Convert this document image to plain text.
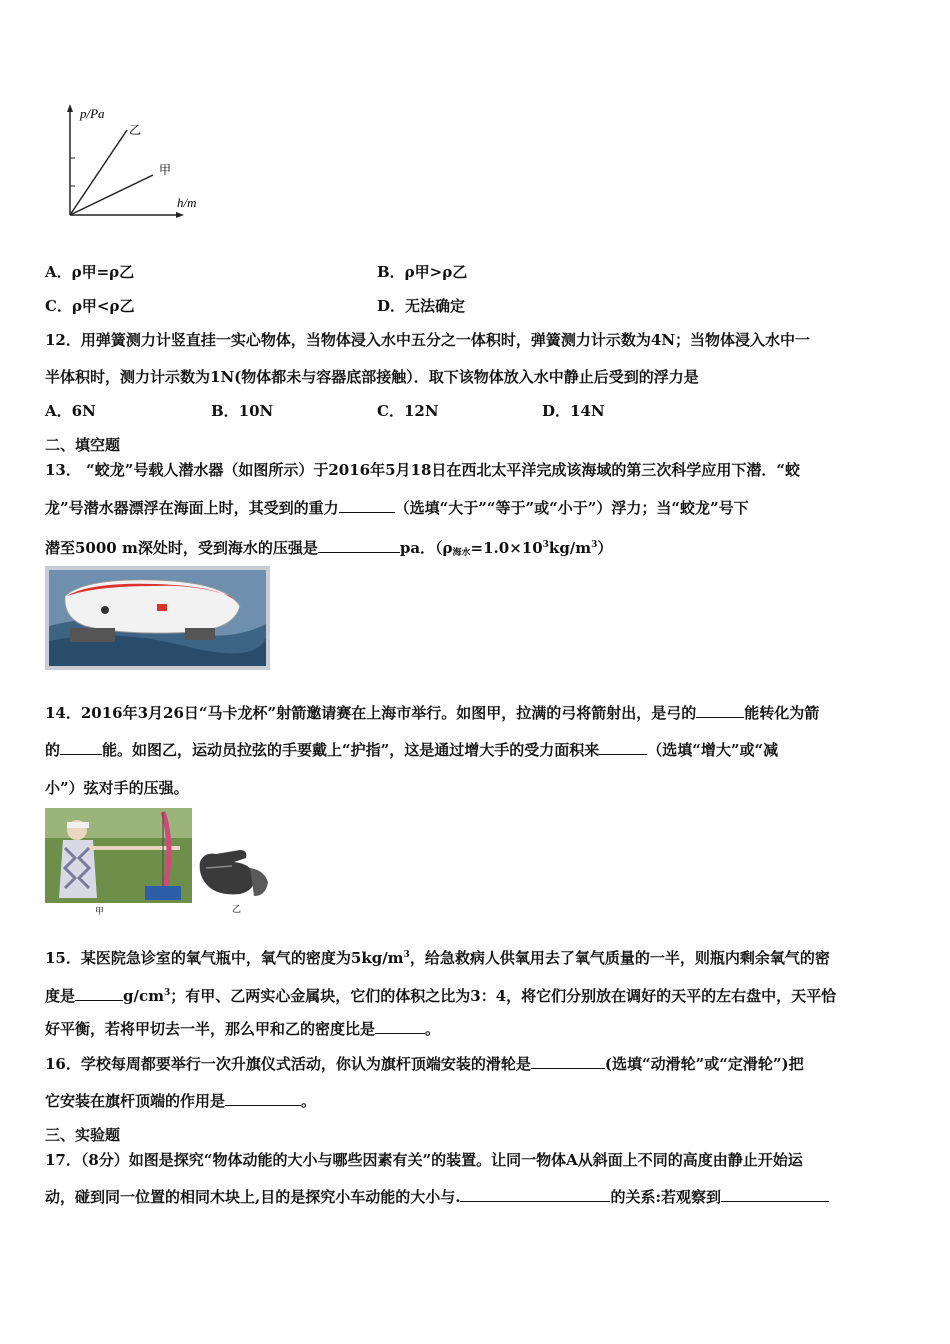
p/Pa
h/m
乙
甲
A．ρ甲=ρ乙	B．ρ甲>ρ乙
C．ρ甲<ρ乙	D．无法确定
12．用弹簧测力计竖直挂一实心物体，当物体浸入水中五分之一体积时，弹簧测力计示数为4N；当物体浸入水中一
半体积时，测力计示数为1N(物体都未与容器底部接触）．取下该物体放入水中静止后受到的浮力是
A．6N	B．10N	C．12N	D．14N
二、填空题
13． “蛟龙”号载人潜水器（如图所示）于2016年5月18日在西北太平洋完成该海域的第三次科学应用下潜．“蛟
龙”号潜水器漂浮在海面上时，其受到的重力	（选填“大于”“等于”或“小于”）浮力；当“蛟龙”号下
潜至5000 m深处时，受到海水的压强是	pa．$(\rho_{海水}=1.0\times 10^3kg/m^3)$
14．2016年3月26日“马卡龙杯”射箭邀请赛在上海市举行。如图甲，拉满的弓将箭射出，是弓的	能转化为箭
的	能。如图乙，运动员拉弦的手要戴上“护指”，这是通过增大手的受力面积来	（选填“增大”或“减
小”）弦对手的压强。
甲	乙
15．某医院急诊室的氧气瓶中，氧气的密度为$5kg/m^3$，给急救病人供氧用去了氧气质量的一半，则瓶内剩余氧气的密
度是	$g/cm^3$；有甲、乙两实心金属块，它们的体积之比为3：4，将它们分别放在调好的天平的左右盘中，天平恰
好平衡，若将甲切去一半，那么甲和乙的密度比是	。
16．学校每周都要举行一次升旗仪式活动，你认为旗杆顶端安装的滑轮是	(选填“动滑轮”或“定滑轮”)把
它安装在旗杆顶端的作用是	。
三、实验题
17．（8分）如图是探究“物体动能的大小与哪些因素有关”的装置。让同一物体A从斜面上不同的高度由静止开始运
动，碰到同一位置的相同木块上,目的是探究小车动能的大小与.	的关系:若观察到
